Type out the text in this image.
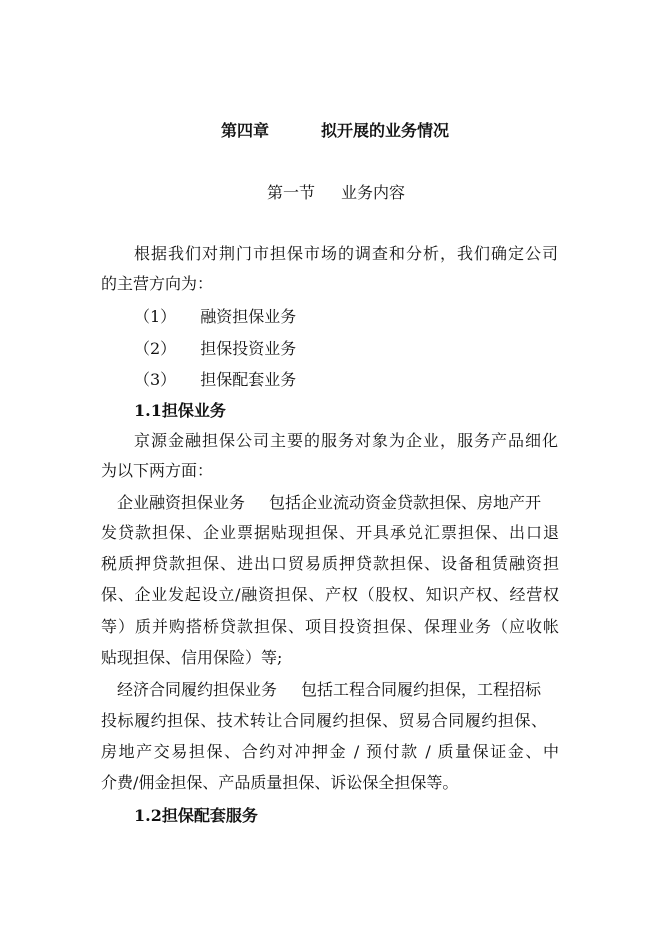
第四章	拟开展的业务情况
第一节 业务内容
根据我们对荆门市担保市场的调查和分析，我们确定公司
的主营方向为：
（1） 融资担保业务
（2） 担保投资业务
（3） 担保配套业务
1.1担保业务
京源金融担保公司主要的服务对象为企业，服务产品细化
为以下两方面：
企业融资担保业务 包括企业流动资金贷款担保、房地产开
发贷款担保、企业票据贴现担保、开具承兑汇票担保、出口退
税质押贷款担保、进出口贸易质押贷款担保、设备租赁融资担
保、企业发起设立/融资担保、产权（股权、知识产权、经营权
等）质并购搭桥贷款担保、项目投资担保、保理业务（应收帐
贴现担保、信用保险）等;
经济合同履约担保业务 包括工程合同履约担保，工程招标
投标履约担保、技术转让合同履约担保、贸易合同履约担保、
房地产交易担保、合约对冲押金 / 预付款 / 质量保证金、中
介费/佣金担保、产品质量担保、诉讼保全担保等。
1.2担保配套服务
